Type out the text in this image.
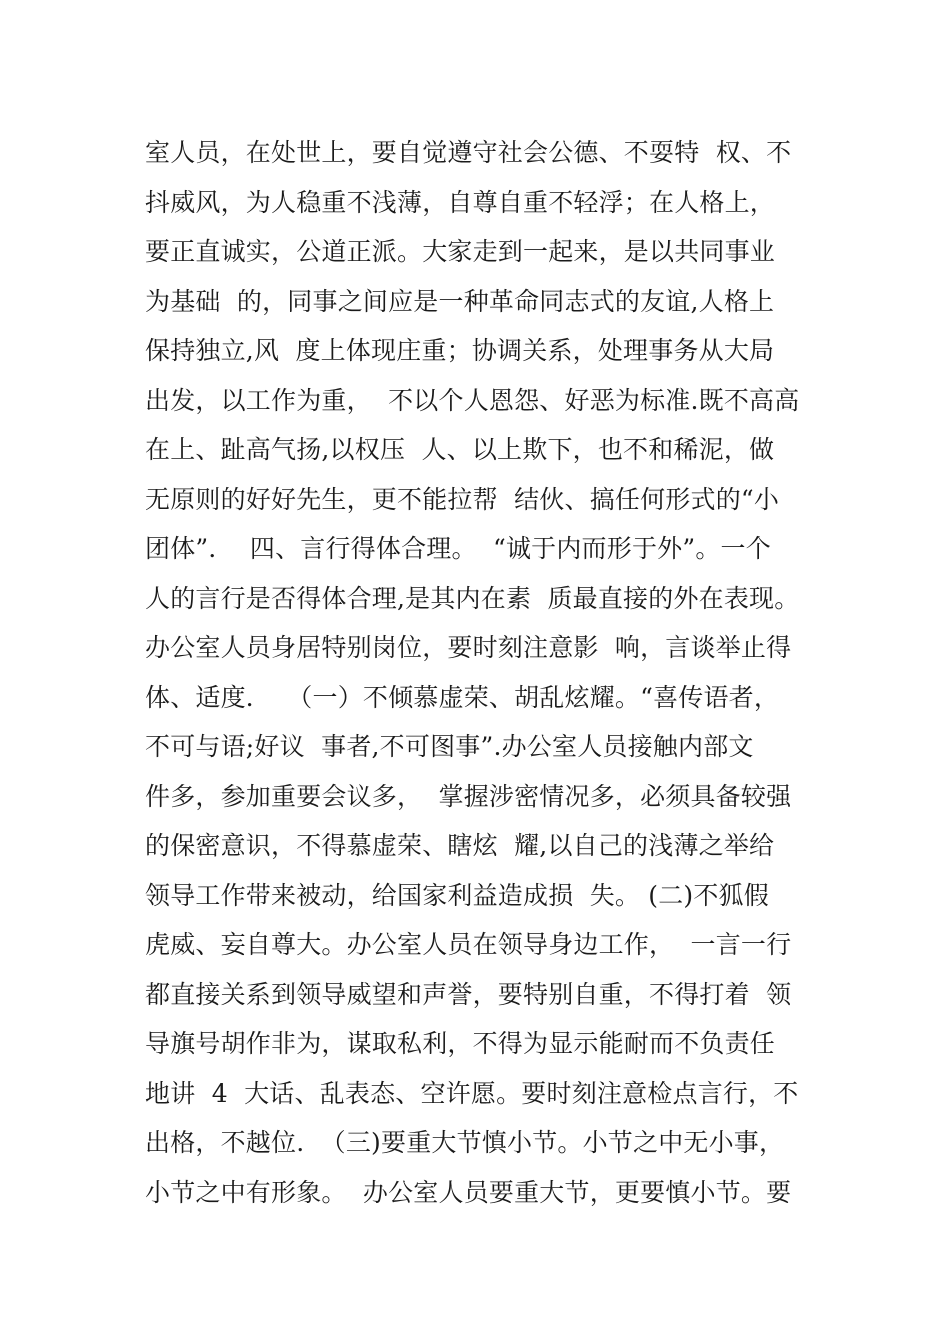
室人员，在处世上，要自觉遵守社会公德、不耍特  权、不
抖威风，为人稳重不浅薄，自尊自重不轻浮；在人格上，
要正直诚实，公道正派。大家走到一起来，是以共同事业
为基础  的，同事之间应是一种革命同志式的友谊,人格上
保持独立,风  度上体现庄重；协调关系，处理事务从大局
出发，以工作为重，  不以个人恩怨、好恶为标准.既不高高
在上、趾高气扬,以权压  人、以上欺下，也不和稀泥，做
无原则的好好先生，更不能拉帮  结伙、搞任何形式的“小
团体”．  四、言行得体合理。  “诚于内而形于外”。一个
人的言行是否得体合理,是其内在素  质最直接的外在表现。
办公室人员身居特别岗位，要时刻注意影  响，言谈举止得
体、适度．  （一）不倾慕虚荣、胡乱炫耀。“喜传语者，
不可与语;好议  事者,不可图事”.办公室人员接触内部文
件多，参加重要会议多，  掌握涉密情况多，必须具备较强
的保密意识，不得慕虚荣、瞎炫  耀,以自己的浅薄之举给
领导工作带来被动，给国家利益造成损  失。 (二)不狐假
虎威、妄自尊大。办公室人员在领导身边工作，  一言一行
都直接关系到领导威望和声誉，要特别自重，不得打着  领
导旗号胡作非为，谋取私利，不得为显示能耐而不负责任
地讲  4  大话、乱表态、空许愿。要时刻注意检点言行，不
出格，不越位.  （三)要重大节慎小节。小节之中无小事，
小节之中有形象。  办公室人员要重大节，更要慎小节。要
